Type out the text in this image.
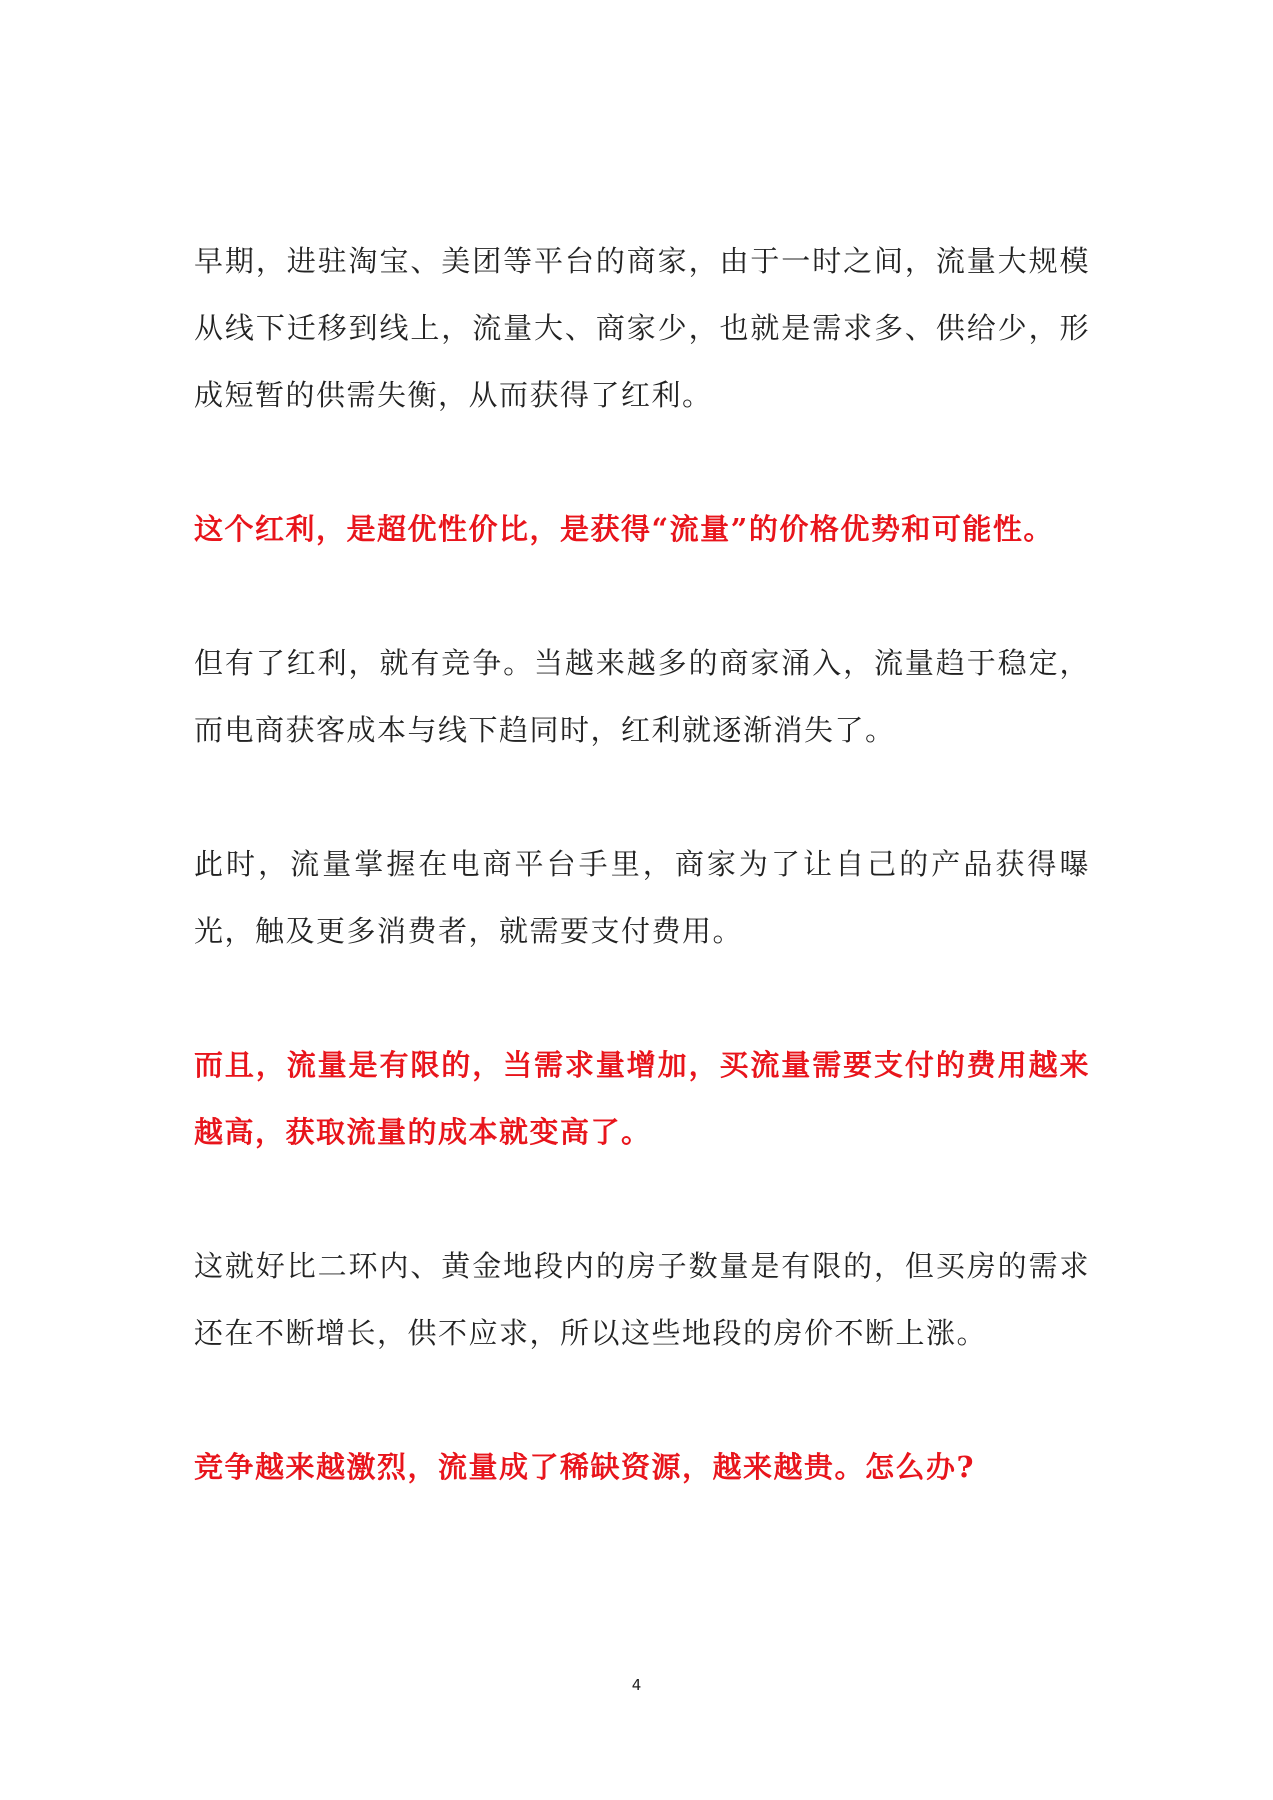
早期，进驻淘宝、美团等平台的商家，由于一时之间，流量大规模从线下迁移到线上，流量大、商家少，也就是需求多、供给少，形成短暂的供需失衡，从而获得了红利。

这个红利，是超优性价比，是获得“流量”的价格优势和可能性。

但有了红利，就有竞争。当越来越多的商家涌入，流量趋于稳定，而电商获客成本与线下趋同时，红利就逐渐消失了。

此时，流量掌握在电商平台手里，商家为了让自己的产品获得曝光，触及更多消费者，就需要支付费用。

而且，流量是有限的，当需求量增加，买流量需要支付的费用越来越高，获取流量的成本就变高了。

这就好比二环内、黄金地段内的房子数量是有限的，但买房的需求还在不断增长，供不应求，所以这些地段的房价不断上涨。

竞争越来越激烈，流量成了稀缺资源，越来越贵。怎么办?

4
